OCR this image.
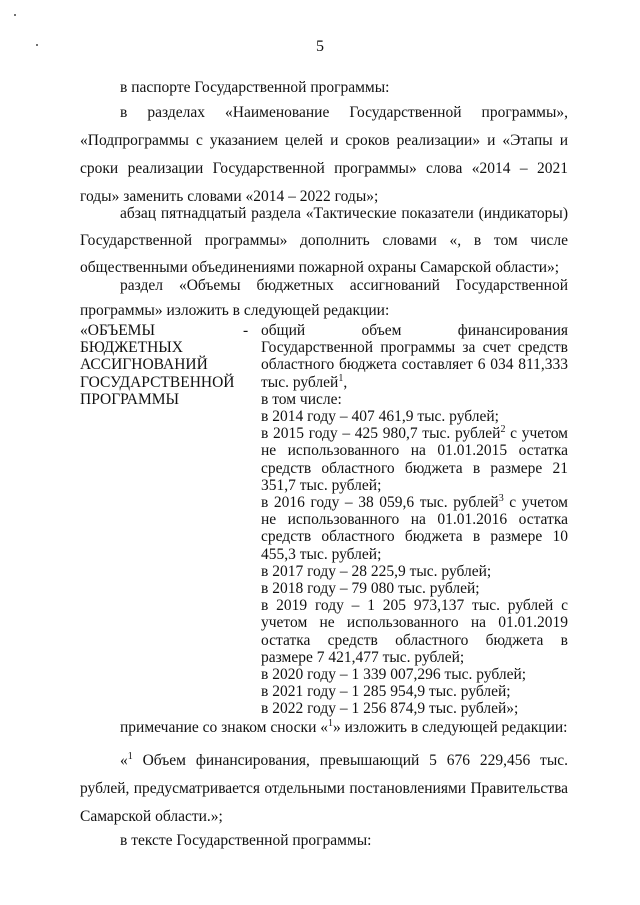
5

в паспорте Государственной программы:

в разделах «Наименование Государственной программы», «Подпрограммы с указанием целей и сроков реализации» и «Этапы и сроки реализации Государственной программы» слова «2014 – 2021 годы» заменить словами «2014 – 2022 годы»;

абзац пятнадцатый раздела «Тактические показатели (индикаторы) Государственной программы» дополнить словами «, в том числе общественными объединениями пожарной охраны Самарской области»;

раздел «Объемы бюджетных ассигнований Государственной программы» изложить в следующей редакции:

«ОБЪЕМЫ
БЮДЖЕТНЫХ
АССИГНОВАНИЙ
ГОСУДАРСТВЕННОЙ
ПРОГРАММЫ
- общий объем финансирования Государственной программы за счет средств областного бюджета составляет 6 034 811,333 тыс. рублей$^1$,
в том числе:
в 2014 году – 407 461,9 тыс. рублей;
в 2015 году – 425 980,7 тыс. рублей$^2$ с учетом не использованного на 01.01.2015 остатка средств областного бюджета в размере 21 351,7 тыс. рублей;
в 2016 году – 38 059,6 тыс. рублей$^3$ с учетом не использованного на 01.01.2016 остатка средств областного бюджета в размере 10 455,3 тыс. рублей;
в 2017 году – 28 225,9 тыс. рублей;
в 2018 году – 79 080 тыс. рублей;
в 2019 году – 1 205 973,137 тыс. рублей с учетом не использованного на 01.01.2019 остатка средств областного бюджета в размере 7 421,477 тыс. рублей;
в 2020 году – 1 339 007,296 тыс. рублей;
в 2021 году – 1 285 954,9 тыс. рублей;
в 2022 году – 1 256 874,9 тыс. рублей»;

примечание со знаком сноски «$^1$» изложить в следующей редакции:

«$^1$ Объем финансирования, превышающий 5 676 229,456 тыс. рублей, предусматривается отдельными постановлениями Правительства Самарской области.»;

в тексте Государственной программы:
